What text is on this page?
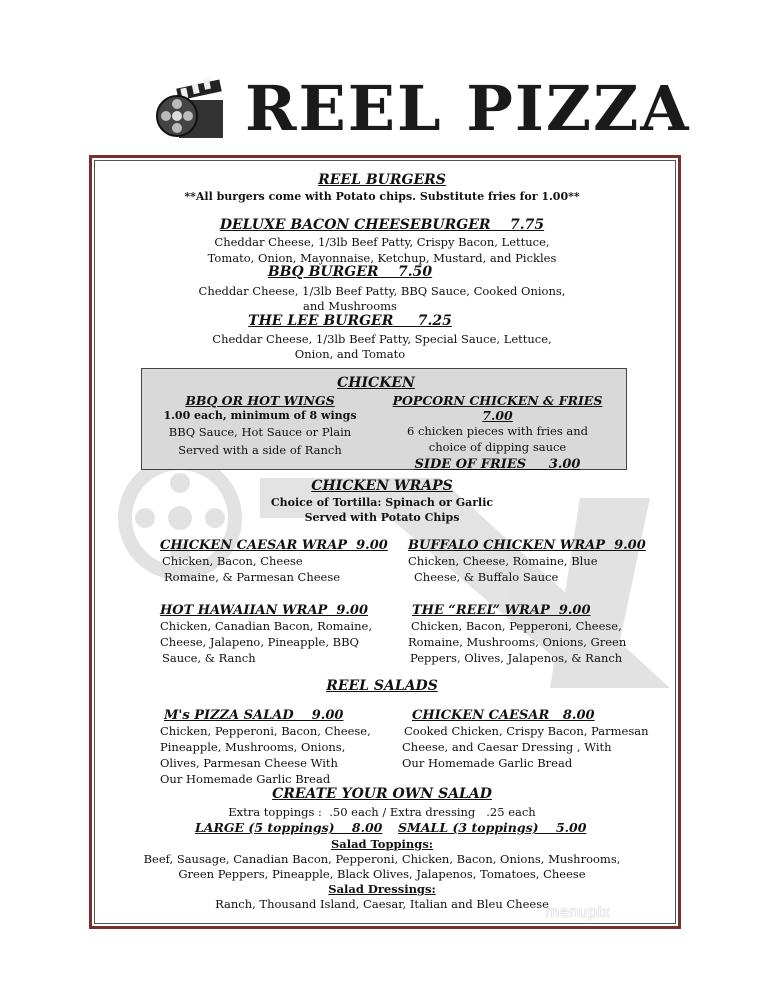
REEL PIZZA
REEL BURGERS
**All burgers come with Potato chips. Substitute fries for 1.00**
DELUXE BACON CHEESEBURGER 7.75
Cheddar Cheese, 1/3lb Beef Patty, Crispy Bacon, Lettuce,
Tomato, Onion, Mayonnaise, Ketchup, Mustard, and Pickles
BBQ BURGER 7.50
Cheddar Cheese, 1/3lb Beef Patty, BBQ Sauce, Cooked Onions,
and Mushrooms
THE LEE BURGER 7.25
Cheddar Cheese, 1/3lb Beef Patty, Special Sauce, Lettuce,
Onion, and Tomato
CHICKEN
BBQ OR HOT WINGS
1.00 each, minimum of 8 wings
BBQ Sauce, Hot Sauce or Plain
Served with a side of Ranch
POPCORN CHICKEN & FRIES 7.00
6 chicken pieces with fries and
choice of dipping sauce
SIDE OF FRIES     3.00
CHICKEN WRAPS
Choice of Tortilla: Spinach or Garlic
Served with Potato Chips
CHICKEN CAESAR WRAP  9.00
Chicken, Bacon, Cheese
Romaine, & Parmesan Cheese
BUFFALO CHICKEN WRAP  9.00
Chicken, Cheese, Romaine, Blue
Cheese, & Buffalo Sauce
HOT HAWAIIAN WRAP  9.00
Chicken, Canadian Bacon, Romaine,
Cheese, Jalapeno, Pineapple, BBQ
Sauce, & Ranch
THE “REEL” WRAP  9.00
Chicken, Bacon, Pepperoni, Cheese,
Romaine, Mushrooms, Onions, Green
Peppers, Olives, Jalapenos, & Ranch
REEL SALADS
M's PIZZA SALAD    9.00
Chicken, Pepperoni, Bacon, Cheese,
Pineapple, Mushrooms, Onions,
Olives, Parmesan Cheese With
Our Homemade Garlic Bread
CHICKEN CAESAR   8.00
Cooked Chicken, Crispy Bacon, Parmesan
Cheese, and Caesar Dressing , With
Our Homemade Garlic Bread
CREATE YOUR OWN SALAD
Extra toppings :  .50 each / Extra dressing   .25 each
LARGE (5 toppings)    8.00 SMALL (3 toppings)    5.00
Salad Toppings:
Beef, Sausage, Canadian Bacon, Pepperoni, Chicken, Bacon, Onions, Mushrooms,
Green Peppers, Pineapple, Black Olives, Jalapenos, Tomatoes, Cheese
Salad Dressings:
Ranch, Thousand Island, Caesar, Italian and Bleu Cheese
menupix
